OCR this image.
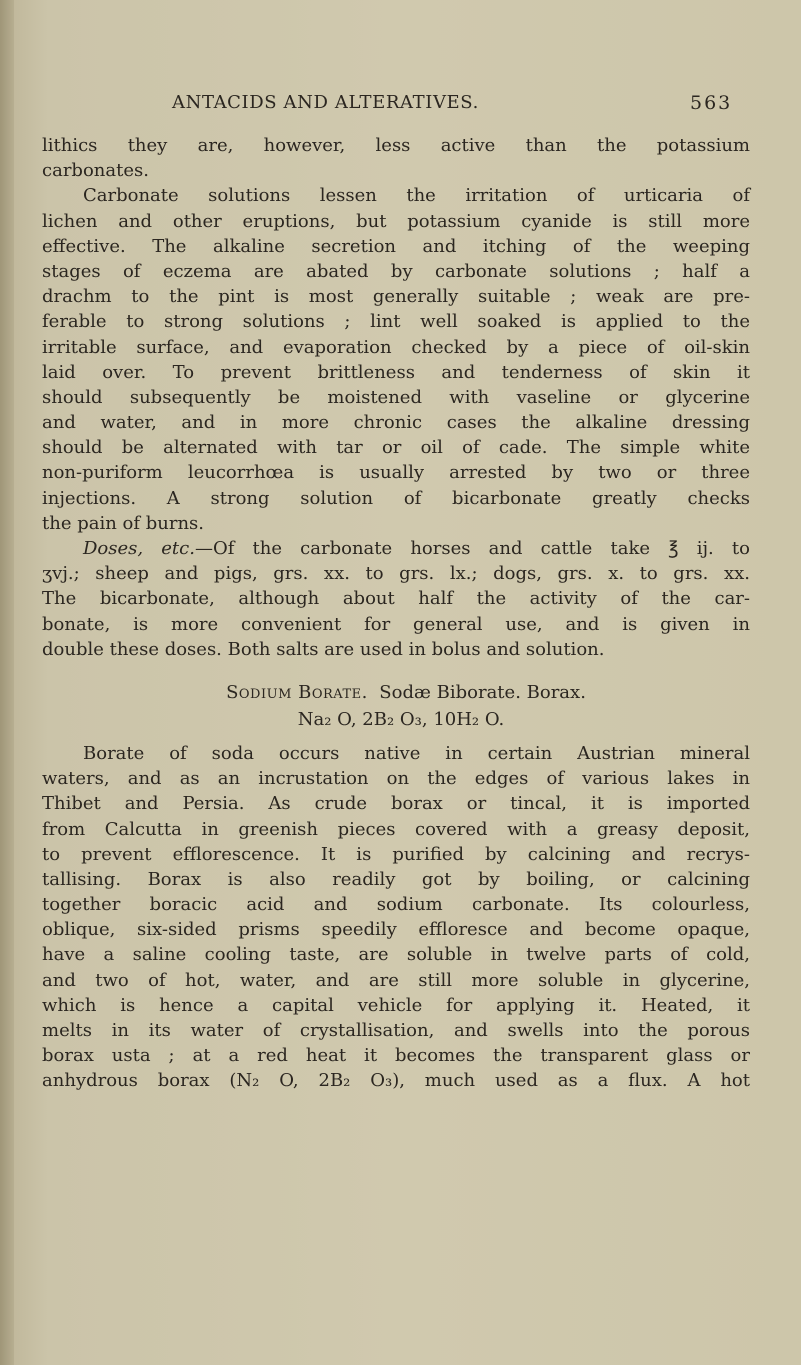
ANTACIDS AND ALTERATIVES.	563
lithics they are, however, less active than the potassium
carbonates.
Carbonate solutions lessen the irritation of urticaria of
lichen and other eruptions, but potassium cyanide is still more
effective. The alkaline secretion and itching of the weeping
stages of eczema are abated by carbonate solutions ; half a
drachm to the pint is most generally suitable ; weak are pre-
ferable to strong solutions ; lint well soaked is applied to the
irritable surface, and evaporation checked by a piece of oil-skin
laid over. To prevent brittleness and tenderness of skin it
should subsequently be moistened with vaseline or glycerine
and water, and in more chronic cases the alkaline dressing
should be alternated with tar or oil of cade. The simple white
non-puriform leucorrhœa is usually arrested by two or three
injections. A strong solution of bicarbonate greatly checks
the pain of burns.
Doses, etc.—Of the carbonate horses and cattle take ℥ ij. to
ʒvj.; sheep and pigs, grs. xx. to grs. lx.; dogs, grs. x. to grs. xx.
The bicarbonate, although about half the activity of the car-
bonate, is more convenient for general use, and is given in
double these doses. Both salts are used in bolus and solution.
Sodium Borate. Sodæ Biborate. Borax.
Na₂ O, 2B₂ O₃, 10H₂ O.
Borate of soda occurs native in certain Austrian mineral
waters, and as an incrustation on the edges of various lakes in
Thibet and Persia. As crude borax or tincal, it is imported
from Calcutta in greenish pieces covered with a greasy deposit,
to prevent efflorescence. It is purified by calcining and recrys-
tallising. Borax is also readily got by boiling, or calcining
together boracic acid and sodium carbonate. Its colourless,
oblique, six-sided prisms speedily effloresce and become opaque,
have a saline cooling taste, are soluble in twelve parts of cold,
and two of hot, water, and are still more soluble in glycerine,
which is hence a capital vehicle for applying it. Heated, it
melts in its water of crystallisation, and swells into the porous
borax usta ; at a red heat it becomes the transparent glass or
anhydrous borax (N₂ O, 2B₂ O₃), much used as a flux. A hot
